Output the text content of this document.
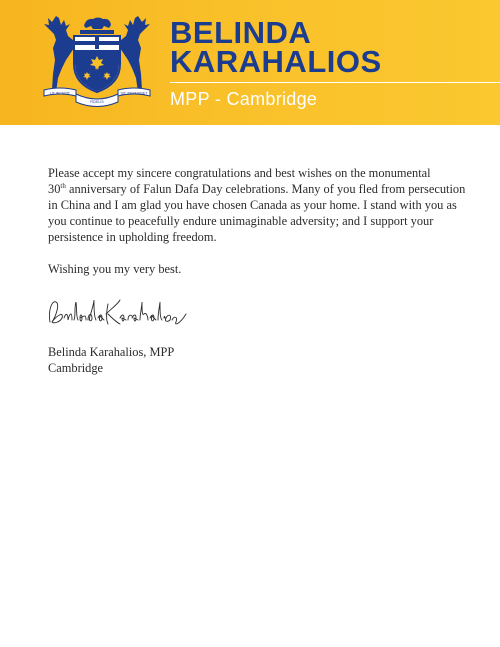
UT INCEPIT	SIC PERMANET
FIDELIS
BELINDA
KARAHALIOS
MPP - Cambridge

Please accept my sincere congratulations and best wishes on the monumental
30th anniversary of Falun Dafa Day celebrations. Many of you fled from persecution in China and I am glad you have chosen Canada as your home. I stand with you as you continue to peacefully endure unimaginable adversity; and I support your persistence in upholding freedom.

Wishing you my very best.

Belinda Karahalios, MPP
Cambridge
